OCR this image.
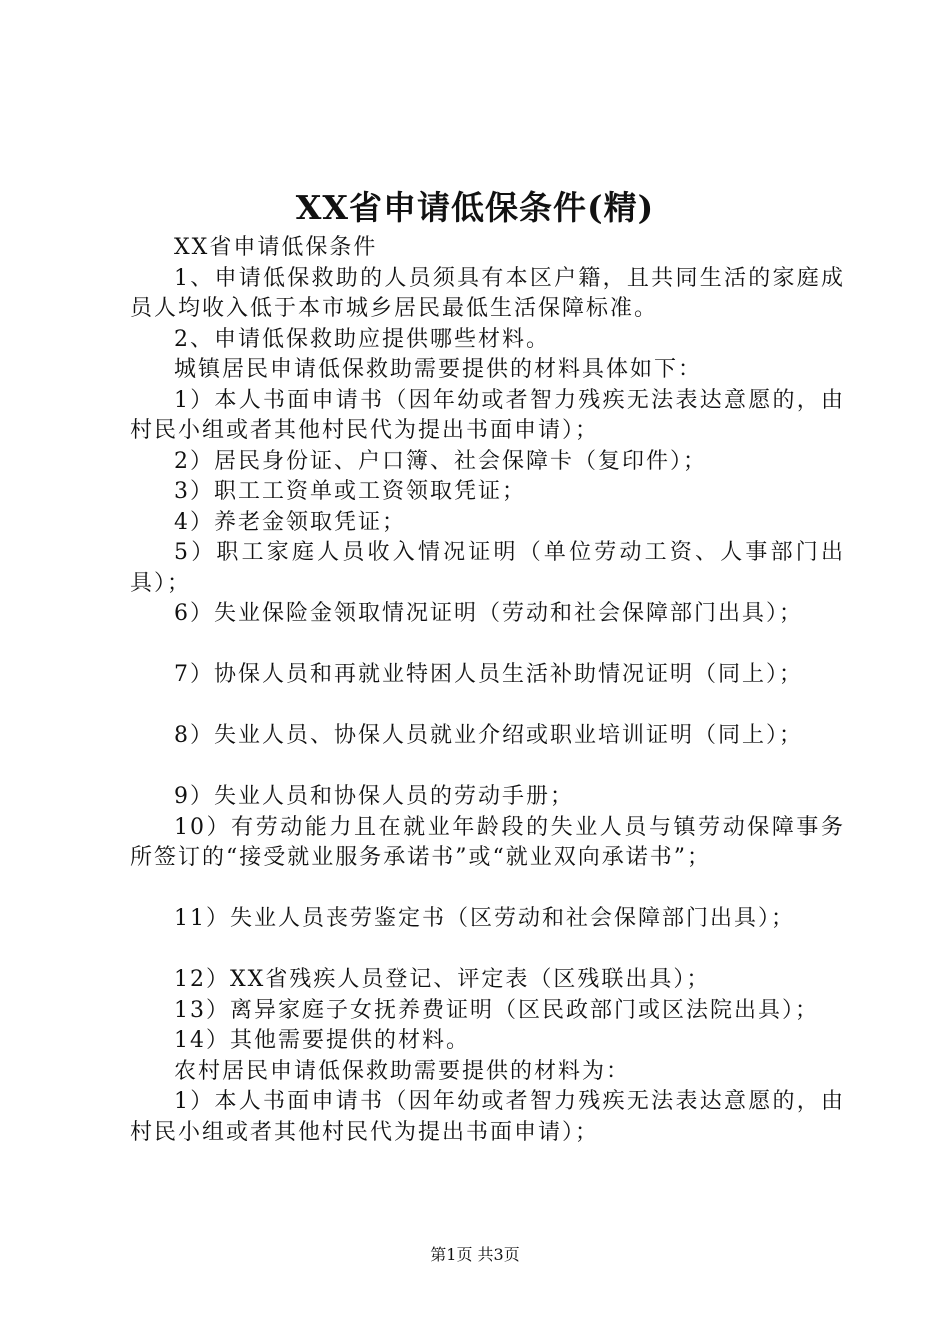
XX省申请低保条件(精)

XX省申请低保条件

1、申请低保救助的人员须具有本区户籍，且共同生活的家庭成员人均收入低于本市城乡居民最低生活保障标准。

2、申请低保救助应提供哪些材料。

城镇居民申请低保救助需要提供的材料具体如下：

1）本人书面申请书（因年幼或者智力残疾无法表达意愿的，由村民小组或者其他村民代为提出书面申请）；

2）居民身份证、户口簿、社会保障卡（复印件）；

3）职工工资单或工资领取凭证；

4）养老金领取凭证；

5）职工家庭人员收入情况证明（单位劳动工资、人事部门出具）；

6）失业保险金领取情况证明（劳动和社会保障部门出具）；

7）协保人员和再就业特困人员生活补助情况证明（同上）；

8）失业人员、协保人员就业介绍或职业培训证明（同上）；

9）失业人员和协保人员的劳动手册；

10）有劳动能力且在就业年龄段的失业人员与镇劳动保障事务所签订的“接受就业服务承诺书”或“就业双向承诺书”；

11）失业人员丧劳鉴定书（区劳动和社会保障部门出具）；

12）XX省残疾人员登记、评定表（区残联出具）；

13）离异家庭子女抚养费证明（区民政部门或区法院出具）；

14）其他需要提供的材料。

农村居民申请低保救助需要提供的材料为：

1）本人书面申请书（因年幼或者智力残疾无法表达意愿的，由村民小组或者其他村民代为提出书面申请）；

第1页 共3页
